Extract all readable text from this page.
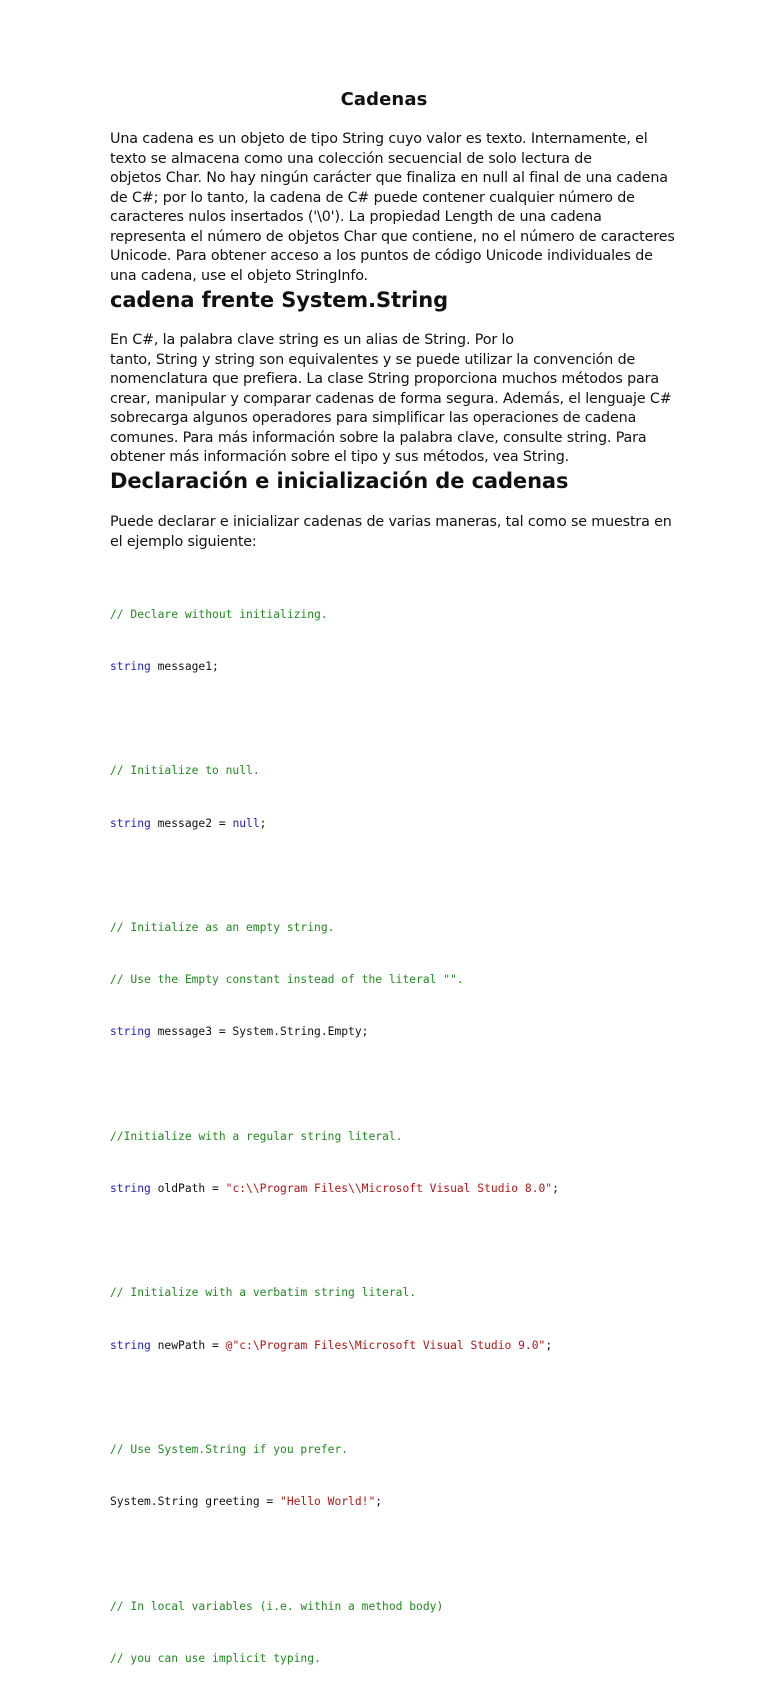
Cadenas

Una cadena es un objeto de tipo String cuyo valor es texto. Internamente, el
texto se almacena como una colección secuencial de solo lectura de
objetos Char. No hay ningún carácter que finaliza en null al final de una cadena
de C#; por lo tanto, la cadena de C# puede contener cualquier número de
caracteres nulos insertados ('\0'). La propiedad Length de una cadena
representa el número de objetos Char que contiene, no el número de caracteres
Unicode. Para obtener acceso a los puntos de código Unicode individuales de
una cadena, use el objeto StringInfo.

cadena frente System.String

En C#, la palabra clave string es un alias de String. Por lo
tanto, String y string son equivalentes y se puede utilizar la convención de
nomenclatura que prefiera. La clase String proporciona muchos métodos para
crear, manipular y comparar cadenas de forma segura. Además, el lenguaje C#
sobrecarga algunos operadores para simplificar las operaciones de cadena
comunes. Para más información sobre la palabra clave, consulte string. Para
obtener más información sobre el tipo y sus métodos, vea String.

Declaración e inicialización de cadenas

Puede declarar e inicializar cadenas de varias maneras, tal como se muestra en
el ejemplo siguiente:

// Declare without initializing.

string message1;

// Initialize to null.

string message2 = null;

// Initialize as an empty string.

// Use the Empty constant instead of the literal "".

string message3 = System.String.Empty;

//Initialize with a regular string literal.

string oldPath = "c:\\Program Files\\Microsoft Visual Studio 8.0";

// Initialize with a verbatim string literal.

string newPath = @"c:\Program Files\Microsoft Visual Studio 9.0";

// Use System.String if you prefer.

System.String greeting = "Hello World!";

// In local variables (i.e. within a method body)

// you can use implicit typing.
